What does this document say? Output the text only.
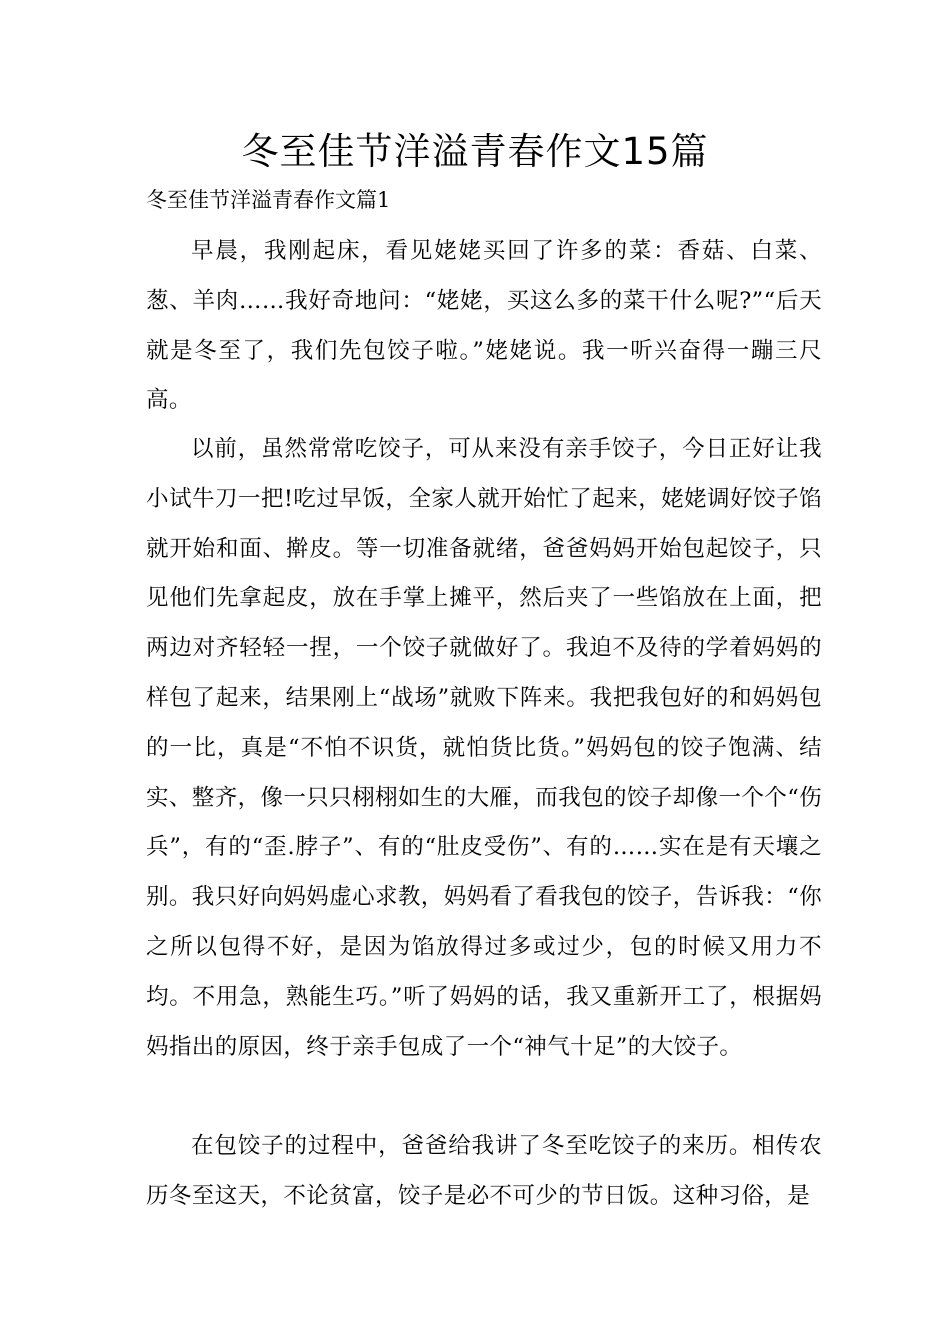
冬至佳节洋溢青春作文15篇
冬至佳节洋溢青春作文篇1

早晨，我刚起床，看见姥姥买回了许多的菜：香菇、白菜、葱、羊肉……我好奇地问：“姥姥，买这么多的菜干什么呢?”“后天就是冬至了，我们先包饺子啦。”姥姥说。我一听兴奋得一蹦三尺高。

以前，虽然常常吃饺子，可从来没有亲手饺子，今日正好让我小试牛刀一把!吃过早饭，全家人就开始忙了起来，姥姥调好饺子馅就开始和面、擀皮。等一切准备就绪，爸爸妈妈开始包起饺子，只见他们先拿起皮，放在手掌上摊平，然后夹了一些馅放在上面，把两边对齐轻轻一捏，一个饺子就做好了。我迫不及待的学着妈妈的样包了起来，结果刚上“战场”就败下阵来。我把我包好的和妈妈包的一比，真是“不怕不识货，就怕货比货。”妈妈包的饺子饱满、结实、整齐，像一只只栩栩如生的大雁，而我包的饺子却像一个个“伤兵”，有的“歪.脖子”、有的“肚皮受伤”、有的……实在是有天壤之别。我只好向妈妈虚心求教，妈妈看了看我包的饺子，告诉我：“你之所以包得不好，是因为馅放得过多或过少，包的时候又用力不均。不用急，熟能生巧。”听了妈妈的话，我又重新开工了，根据妈妈指出的原因，终于亲手包成了一个“神气十足”的大饺子。

在包饺子的过程中，爸爸给我讲了冬至吃饺子的来历。相传农历冬至这天，不论贫富，饺子是必不可少的节日饭。这种习俗，是
